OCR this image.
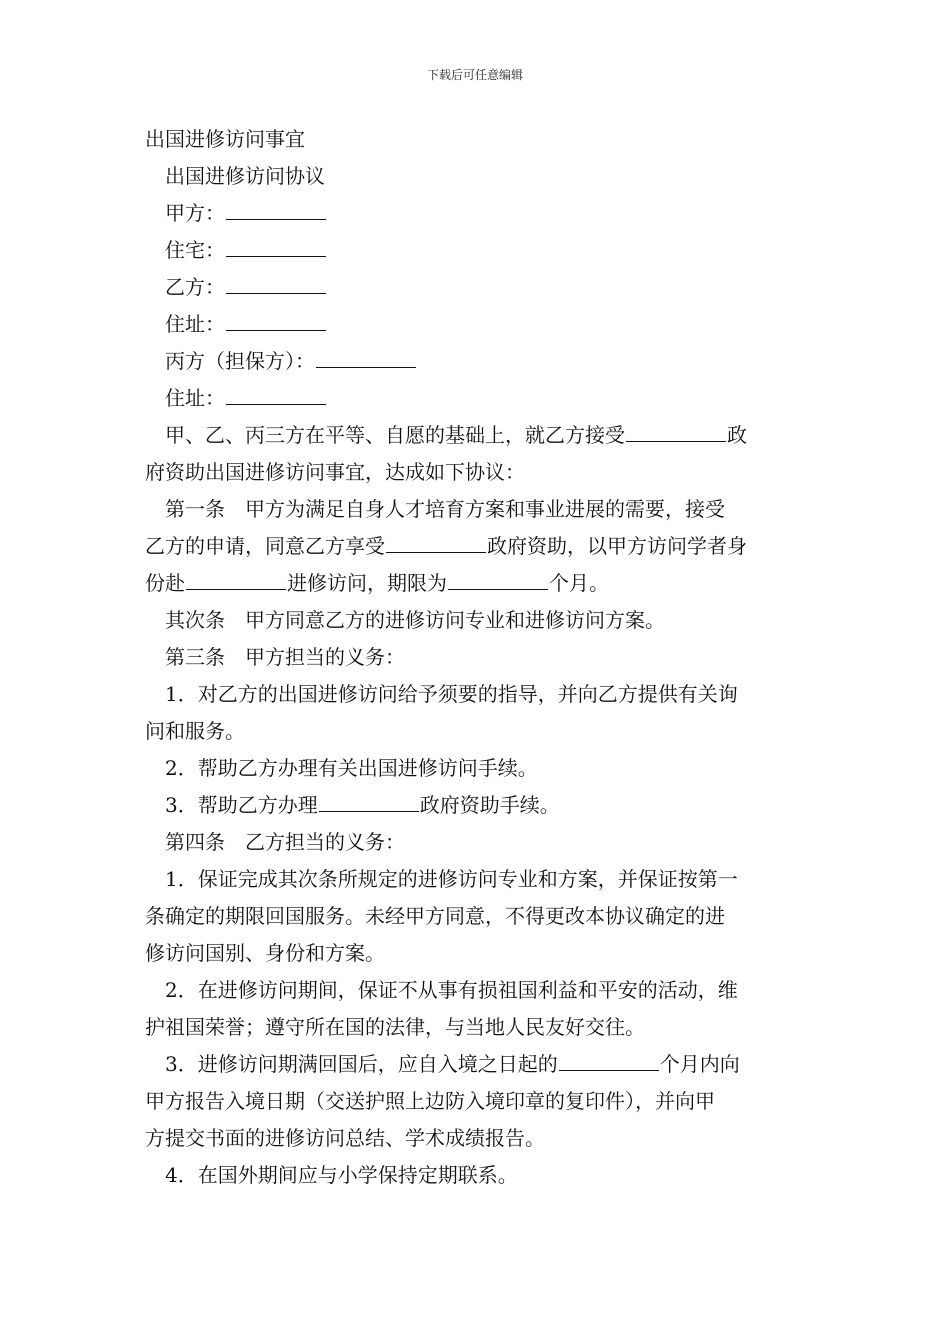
下载后可任意编辑
出国进修访问事宜
出国进修访问协议
甲方：
住宅：
乙方：
住址：
丙方（担保方）：
住址：
甲、乙、丙三方在平等、自愿的基础上，就乙方接受	政
府资助出国进修访问事宜，达成如下协议：
第一条　甲方为满足自身人才培育方案和事业进展的需要，接受
乙方的申请，同意乙方享受	政府资助，以甲方访问学者身
份赴	进修访问，期限为	个月。
其次条　甲方同意乙方的进修访问专业和进修访问方案。
第三条　甲方担当的义务：
1．对乙方的出国进修访问给予须要的指导，并向乙方提供有关询
问和服务。
2．帮助乙方办理有关出国进修访问手续。
3．帮助乙方办理	政府资助手续。
第四条　乙方担当的义务：
1．保证完成其次条所规定的进修访问专业和方案，并保证按第一
条确定的期限回国服务。未经甲方同意，不得更改本协议确定的进
修访问国别、身份和方案。
2．在进修访问期间，保证不从事有损祖国利益和平安的活动，维
护祖国荣誉；遵守所在国的法律，与当地人民友好交往。
3．进修访问期满回国后，应自入境之日起的	个月内向
甲方报告入境日期（交送护照上边防入境印章的复印件），并向甲
方提交书面的进修访问总结、学术成绩报告。
4．在国外期间应与小学保持定期联系。
